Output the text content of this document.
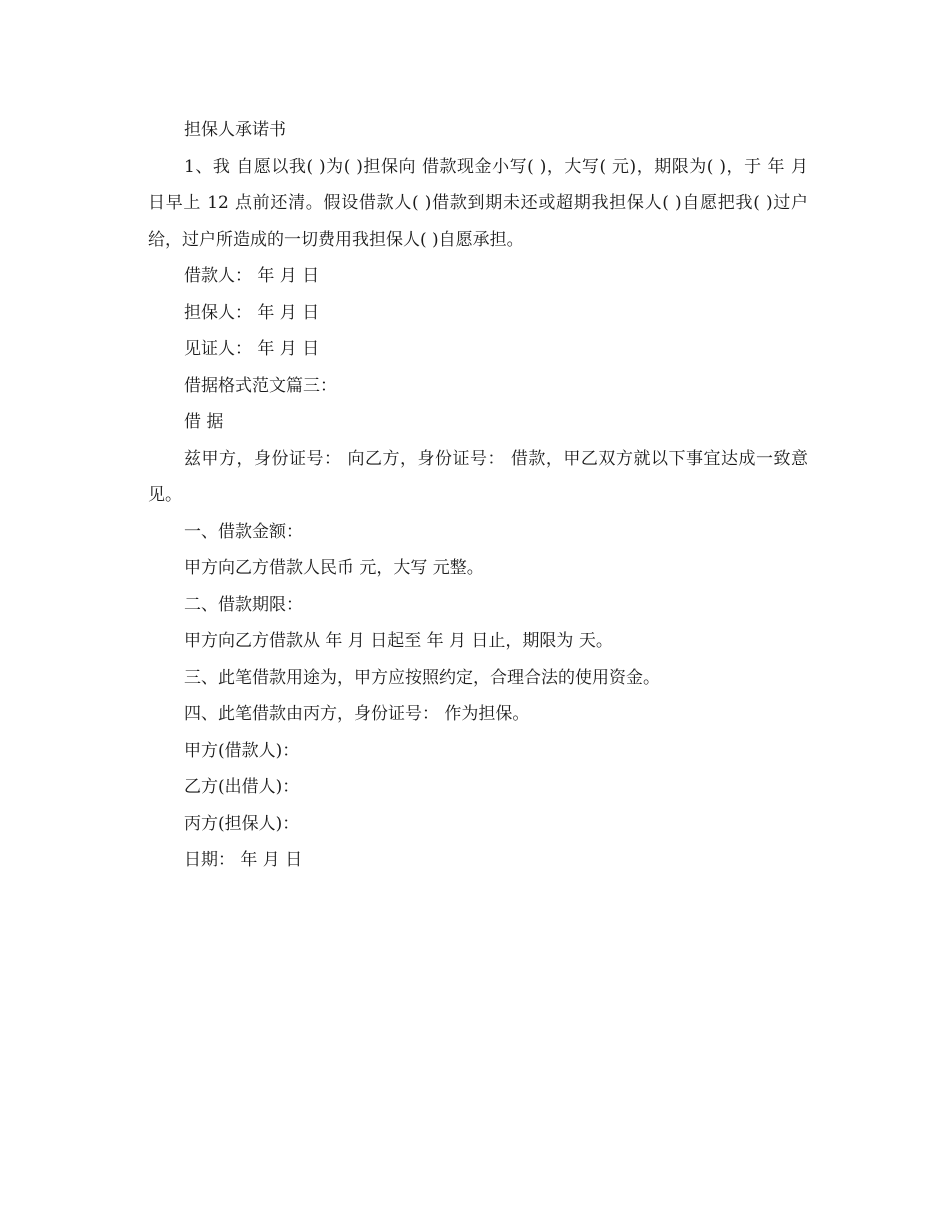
担保人承诺书

1、我 自愿以我( )为( )担保向 借款现金小写( )，大写( 元)，期限为( )，于 年 月 日早上 12 点前还清。假设借款人( )借款到期未还或超期我担保人( )自愿把我( )过户给，过户所造成的一切费用我担保人( )自愿承担。

借款人： 年 月 日

担保人： 年 月 日

见证人： 年 月 日

借据格式范文篇三：

借 据

兹甲方，身份证号： 向乙方，身份证号： 借款，甲乙双方就以下事宜达成一致意见。

一、借款金额：

甲方向乙方借款人民币 元，大写 元整。

二、借款期限：

甲方向乙方借款从 年 月 日起至 年 月 日止，期限为 天。

三、此笔借款用途为，甲方应按照约定，合理合法的使用资金。

四、此笔借款由丙方，身份证号： 作为担保。

甲方(借款人)：

乙方(出借人)：

丙方(担保人)：

日期： 年 月 日
